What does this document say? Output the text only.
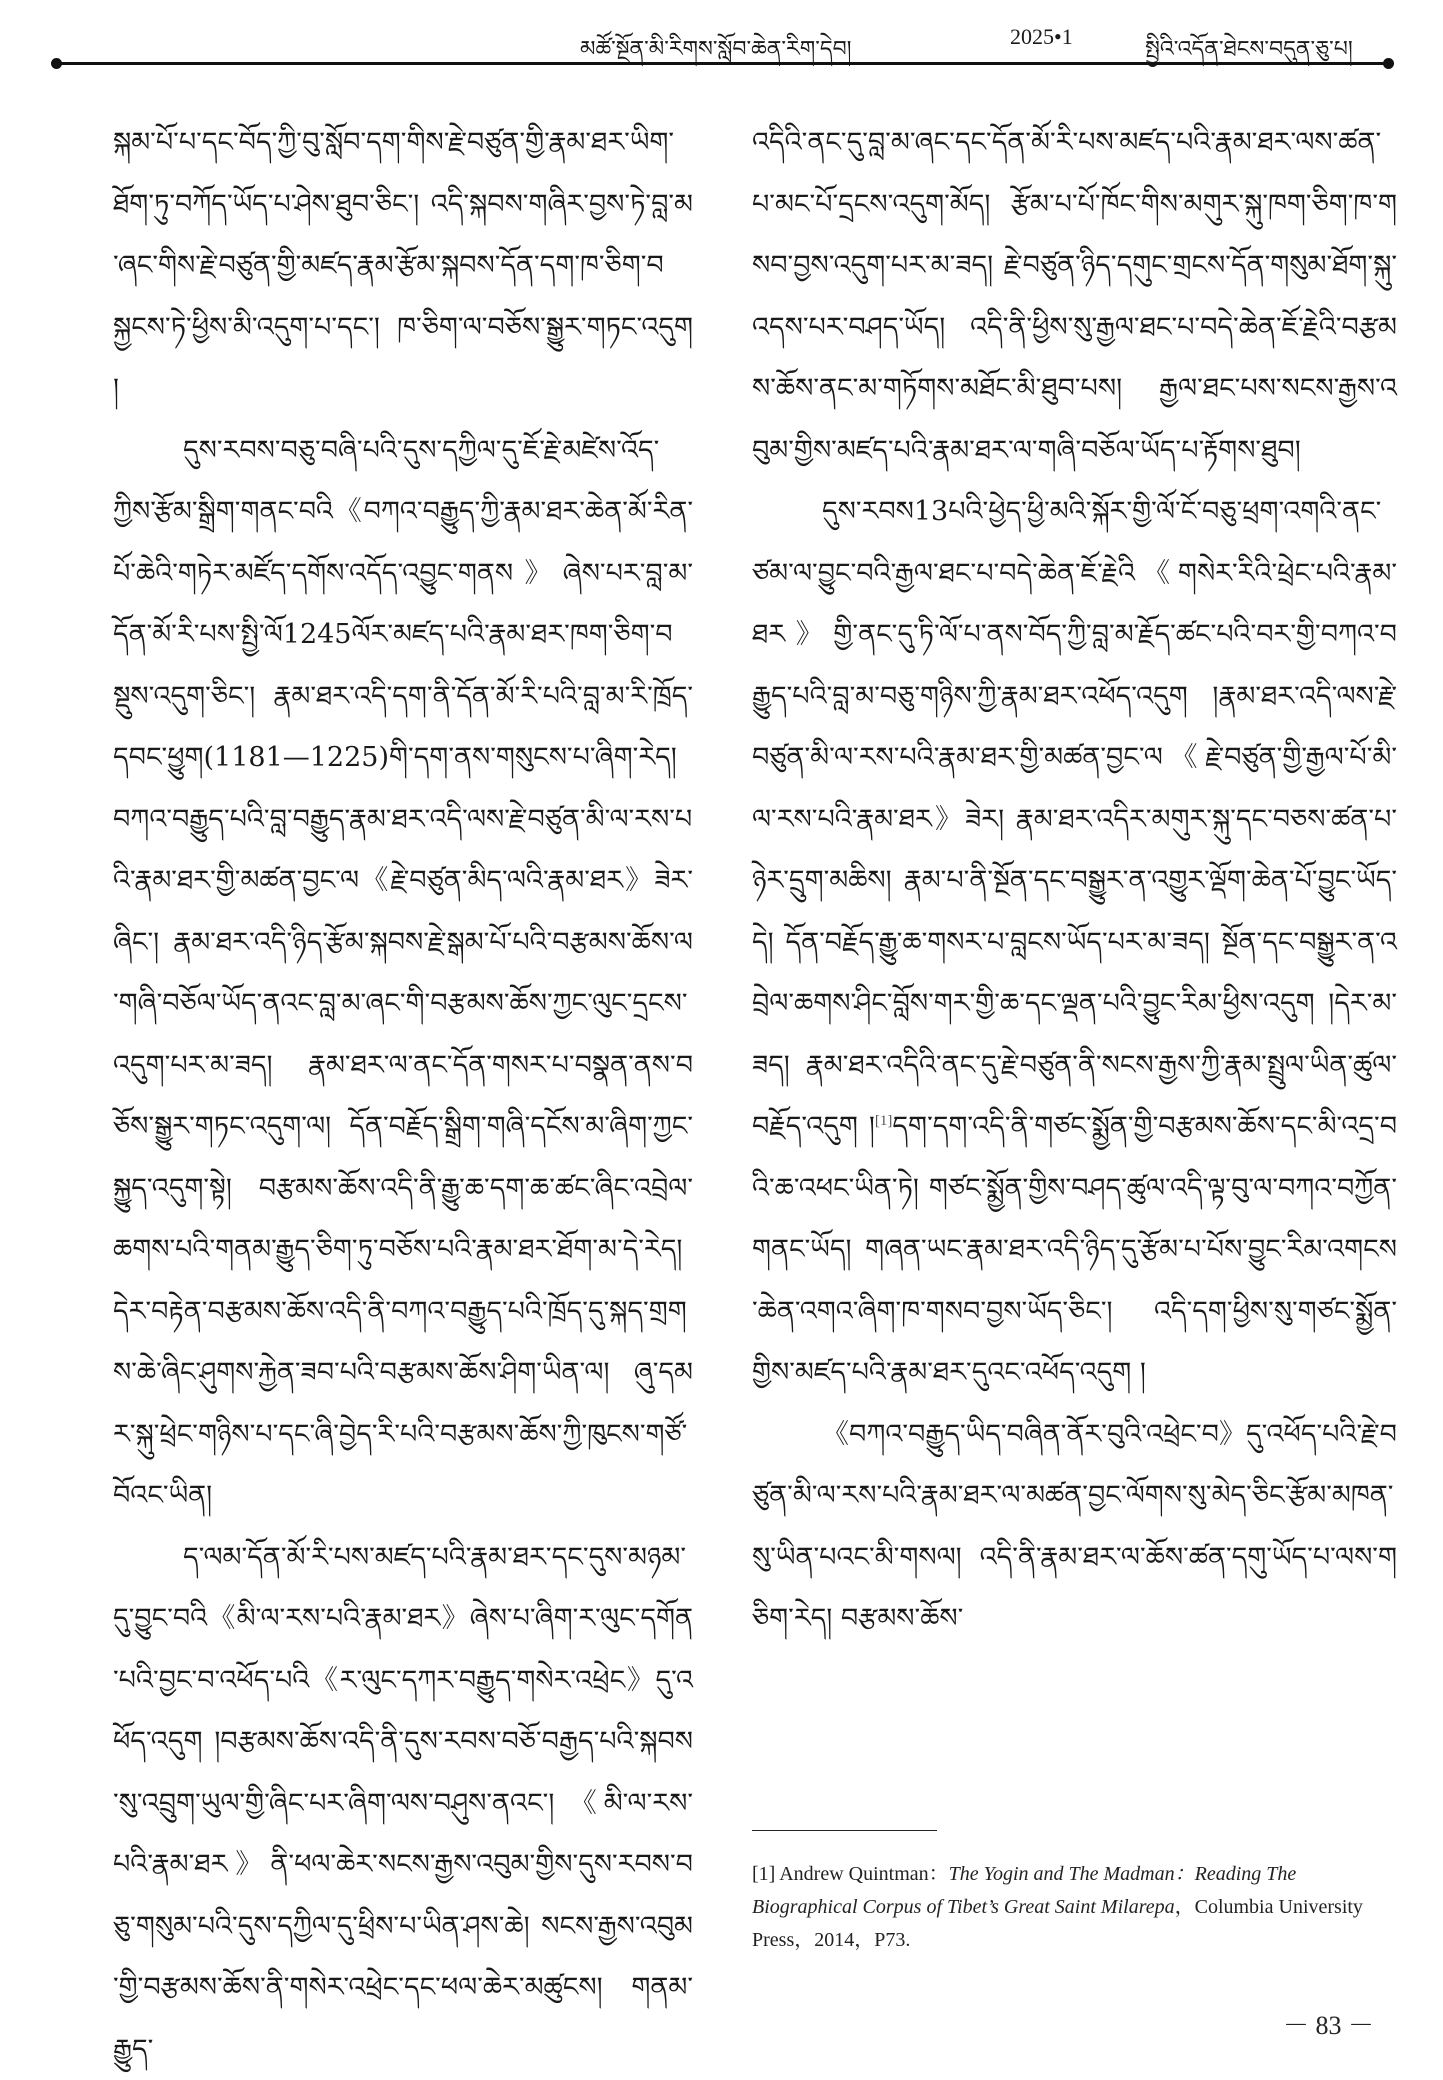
མཚོ་སྔོན་མི་རིགས་སློབ་ཆེན་རིག་དེབ།
2025•1
སྤྱིའི་འདོན་ཐེངས་བདུན་ཅུ་པ།

སྐམ་པོ་པ་དང་བོད་ཀྱི་བུ་སློབ་དག་གིས་རྗེ་བཙུན་གྱི་རྣམ་ཐར་ཡིག་ཐོག་ཏུ་བཀོད་ཡོད་པ་ཤེས་ཐུབ་ཅིང་། འདི་སྐབས་གཞིར་བྱས་ཏེ་བླ་མ་ཞང་གིས་རྗེ་བཙུན་གྱི་མཛད་རྣམ་རྩོམ་སྐབས་དོན་དག་ཁ་ཅིག་བསྐྱངས་ཏེ་ཕྱིས་མི་འདུག་པ་དང་། ཁ་ཅིག་ལ་བཅོས་སྒྱུར་གཏང་འདུག །

དུས་རབས་བཅུ་བཞི་པའི་དུས་དཀྱིལ་དུ་ཇོ་རྗེ་མཛེས་འོད་ཀྱིས་རྩོམ་སྒྲིག་གནང་བའི《བཀའ་བརྒྱུད་ཀྱི་རྣམ་ཐར་ཆེན་མོ་རིན་པོ་ཆེའི་གཏེར་མཛོད་དགོས་འདོད་འབྱུང་གནས》ཞེས་པར་བླ་མ་དོན་མོ་རི་པས་སྤྱི་ལོ1245ལོར་མཛད་པའི་རྣམ་ཐར་ཁག་ཅིག་བསྡུས་འདུག་ཅིང་། རྣམ་ཐར་འདི་དག་ནི་དོན་མོ་རི་པའི་བླ་མ་རི་ཁྲོད་དབང་ཕྱུག(1181—1225)གི་དག་ནས་གསུངས་པ་ཞིག་རེད། བཀའ་བརྒྱུད་པའི་བླ་བརྒྱུད་རྣམ་ཐར་འདི་ལས་རྗེ་བཙུན་མི་ལ་རས་པའི་རྣམ་ཐར་གྱི་མཚན་བྱང་ལ《རྗེ་བཙུན་མིད་ལའི་རྣམ་ཐར》ཟེར་ཞིང་། རྣམ་ཐར་འདི་ཉིད་རྩོམ་སྐབས་རྗེ་སྒམ་པོ་པའི་བརྩམས་ཆོས་ལ་གཞི་བཅོལ་ཡོད་ནའང་བླ་མ་ཞང་གི་བརྩམས་ཆོས་ཀྱང་ལུང་དྲངས་འདུག་པར་མ་ཟད། རྣམ་ཐར་ལ་ནང་དོན་གསར་པ་བསྣན་ནས་བཅོས་སྒྱུར་གཏང་འདུག་ལ། དོན་བརྗོད་སྒྲིག་གཞི་དངོས་མ་ཞིག་ཀྱང་སྐྱུད་འདུག་སྟེ། བརྩམས་ཆོས་འདི་ནི་རྒྱུ་ཆ་དག་ཆ་ཚང་ཞིང་འབྲེལ་ཆགས་པའི་གནམ་རྒྱུད་ཅིག་ཏུ་བཅོས་པའི་རྣམ་ཐར་ཐོག་མ་དེ་རེད། དེར་བརྟེན་བརྩམས་ཆོས་འདི་ནི་བཀའ་བརྒྱུད་པའི་ཁྲོད་དུ་སྐད་གྲགས་ཆེ་ཞིང་ཤུགས་རྐྱེན་ཟབ་པའི་བརྩམས་ཆོས་ཤིག་ཡིན་ལ། ཞུ་དམར་སྐུ་ཕྲེང་གཉིས་པ་དང་ཞི་བྱེད་རི་པའི་བརྩམས་ཆོས་ཀྱི་ཁུངས་གཙོ་བོའང་ཡིན།

ད་ལམ་དོན་མོ་རི་པས་མཛད་པའི་རྣམ་ཐར་དང་དུས་མཉམ་དུ་བྱུང་བའི《མི་ལ་རས་པའི་རྣམ་ཐར》ཞེས་པ་ཞིག་ར་ལུང་དགོན་པའི་བྱང་བ་འཕོད་པའི《ར་ལུང་དཀར་བརྒྱུད་གསེར་འཕྲེང》དུ་འཕོད་འདུག །བརྩམས་ཆོས་འདི་ནི་དུས་རབས་བཅོ་བརྒྱད་པའི་སྐབས་སུ་འབྲུག་ཡུལ་གྱི་ཞིང་པར་ཞིག་ལས་བཤུས་ནའང་། 《མི་ལ་རས་པའི་རྣམ་ཐར》ནི་ཕལ་ཆེར་སངས་རྒྱས་འབུམ་གྱིས་དུས་རབས་བཅུ་གསུམ་པའི་དུས་དཀྱིལ་དུ་ཕྲིས་པ་ཡིན་ཤས་ཆེ། སངས་རྒྱས་འབུམ་གྱི་བརྩམས་ཆོས་ནི་གསེར་འཕྲེང་དང་ཕལ་ཆེར་མཚུངས། གནམ་རྒྱུད་

འདིའི་ནང་དུ་བླ་མ་ཞང་དང་དོན་མོ་རི་པས་མཛད་པའི་རྣམ་ཐར་ལས་ཚན་པ་མང་པོ་དྲངས་འདུག་མོད། རྩོམ་པ་པོ་ཁོང་གིས་མགུར་སྐུ་ཁག་ཅིག་ཁ་གསབ་བྱས་འདུག་པར་མ་ཟད། རྗེ་བཙུན་ཉིད་དགུང་གྲངས་དོན་གསུམ་ཐོག་སྐུ་འདས་པར་བཤད་ཡོད། འདི་ནི་ཕྱིས་སུ་རྒྱལ་ཐང་པ་བདེ་ཆེན་ཇོ་རྗེའི་བརྩམས་ཆོས་ནང་མ་གཏོགས་མཐོང་མི་ཐུབ་པས། རྒྱལ་ཐང་པས་སངས་རྒྱས་འབུམ་གྱིས་མཛད་པའི་རྣམ་ཐར་ལ་གཞི་བཅོལ་ཡོད་པ་རྟོགས་ཐུབ།

དུས་རབས13པའི་ཕྱེད་ཕྱི་མའི་སྐོར་གྱི་ལོ་ངོ་བཅུ་ཕྲག་འགའི་ནང་ཙམ་ལ་བྱུང་བའི་རྒྱལ་ཐང་པ་བདེ་ཆེན་ཇོ་རྗེའི《གསེར་རིའི་ཕྲེང་པའི་རྣམ་ཐར》གྱི་ནང་དུ་ཏི་ལོ་པ་ནས་བོད་ཀྱི་བླ་མ་རྗོད་ཚང་པའི་བར་གྱི་བཀའ་བརྒྱུད་པའི་བླ་མ་བཅུ་གཉིས་ཀྱི་རྣམ་ཐར་འཕོད་འདུག །རྣམ་ཐར་འདི་ལས་རྗེ་བཙུན་མི་ལ་རས་པའི་རྣམ་ཐར་གྱི་མཚན་བྱང་ལ《རྗེ་བཙུན་གྱི་རྒྱལ་པོ་མི་ལ་རས་པའི་རྣམ་ཐར》ཟེར། རྣམ་ཐར་འདིར་མགུར་སྐུ་དང་བཅས་ཚན་པ་ཉེར་དྲུག་མཆིས། རྣམ་པ་ནི་སྔོན་དང་བསྒྱུར་ན་འགྱུར་ལྡོག་ཆེན་པོ་བྱུང་ཡོད་དེ། དོན་བརྗོད་རྒྱུ་ཆ་གསར་པ་བླངས་ཡོད་པར་མ་ཟད། སྔོན་དང་བསྒྱུར་ན་འབྲེལ་ཆགས་ཤིང་བློས་གར་གྱི་ཆ་དང་ལྡན་པའི་བྱུང་རིམ་ཕྱིས་འདུག །དེར་མ་ཟད། རྣམ་ཐར་འདིའི་ནང་དུ་རྗེ་བཙུན་ནི་སངས་རྒྱས་ཀྱི་རྣམ་སྤྲུལ་ཡིན་ཚུལ་བརྗོད་འདུག །[1]དག་དག་འདི་ནི་གཙང་སྨྱོན་གྱི་བརྩམས་ཆོས་དང་མི་འདྲ་བའི་ཆ་འཕང་ཡིན་ཏེ། གཙང་སྨྱོན་གྱིས་བཤད་ཚུལ་འདི་ལྟ་བུ་ལ་བཀའ་བཀྱོན་གནང་ཡོད། གཞན་ཡང་རྣམ་ཐར་འདི་ཉིད་དུ་རྩོམ་པ་པོས་བྱུང་རིམ་འགངས་ཆེན་འགའ་ཞིག་ཁ་གསབ་བྱས་ཡོད་ཅིང་། འདི་དག་ཕྱིས་སུ་གཙང་སྨྱོན་གྱིས་མཛད་པའི་རྣམ་ཐར་དུའང་འཕོད་འདུག །

《བཀའ་བརྒྱུད་ཡིད་བཞིན་ནོར་བུའི་འཕྲེང་བ》དུ་འཕོད་པའི་རྗེ་བཙུན་མི་ལ་རས་པའི་རྣམ་ཐར་ལ་མཚན་བྱང་ལོགས་སུ་མེད་ཅིང་རྩོམ་མཁན་སུ་ཡིན་པའང་མི་གསལ། འདི་ནི་རྣམ་ཐར་ལ་ཆོས་ཚན་དགུ་ཡོད་པ་ལས་གཅིག་རེད། བརྩམས་ཆོས་

[1] Andrew Quintman：The Yogin and The Madman：Reading The Biographical Corpus of Tibet’s Great Saint Milarepa，Columbia University Press，2014，P73.
－ 83 －
